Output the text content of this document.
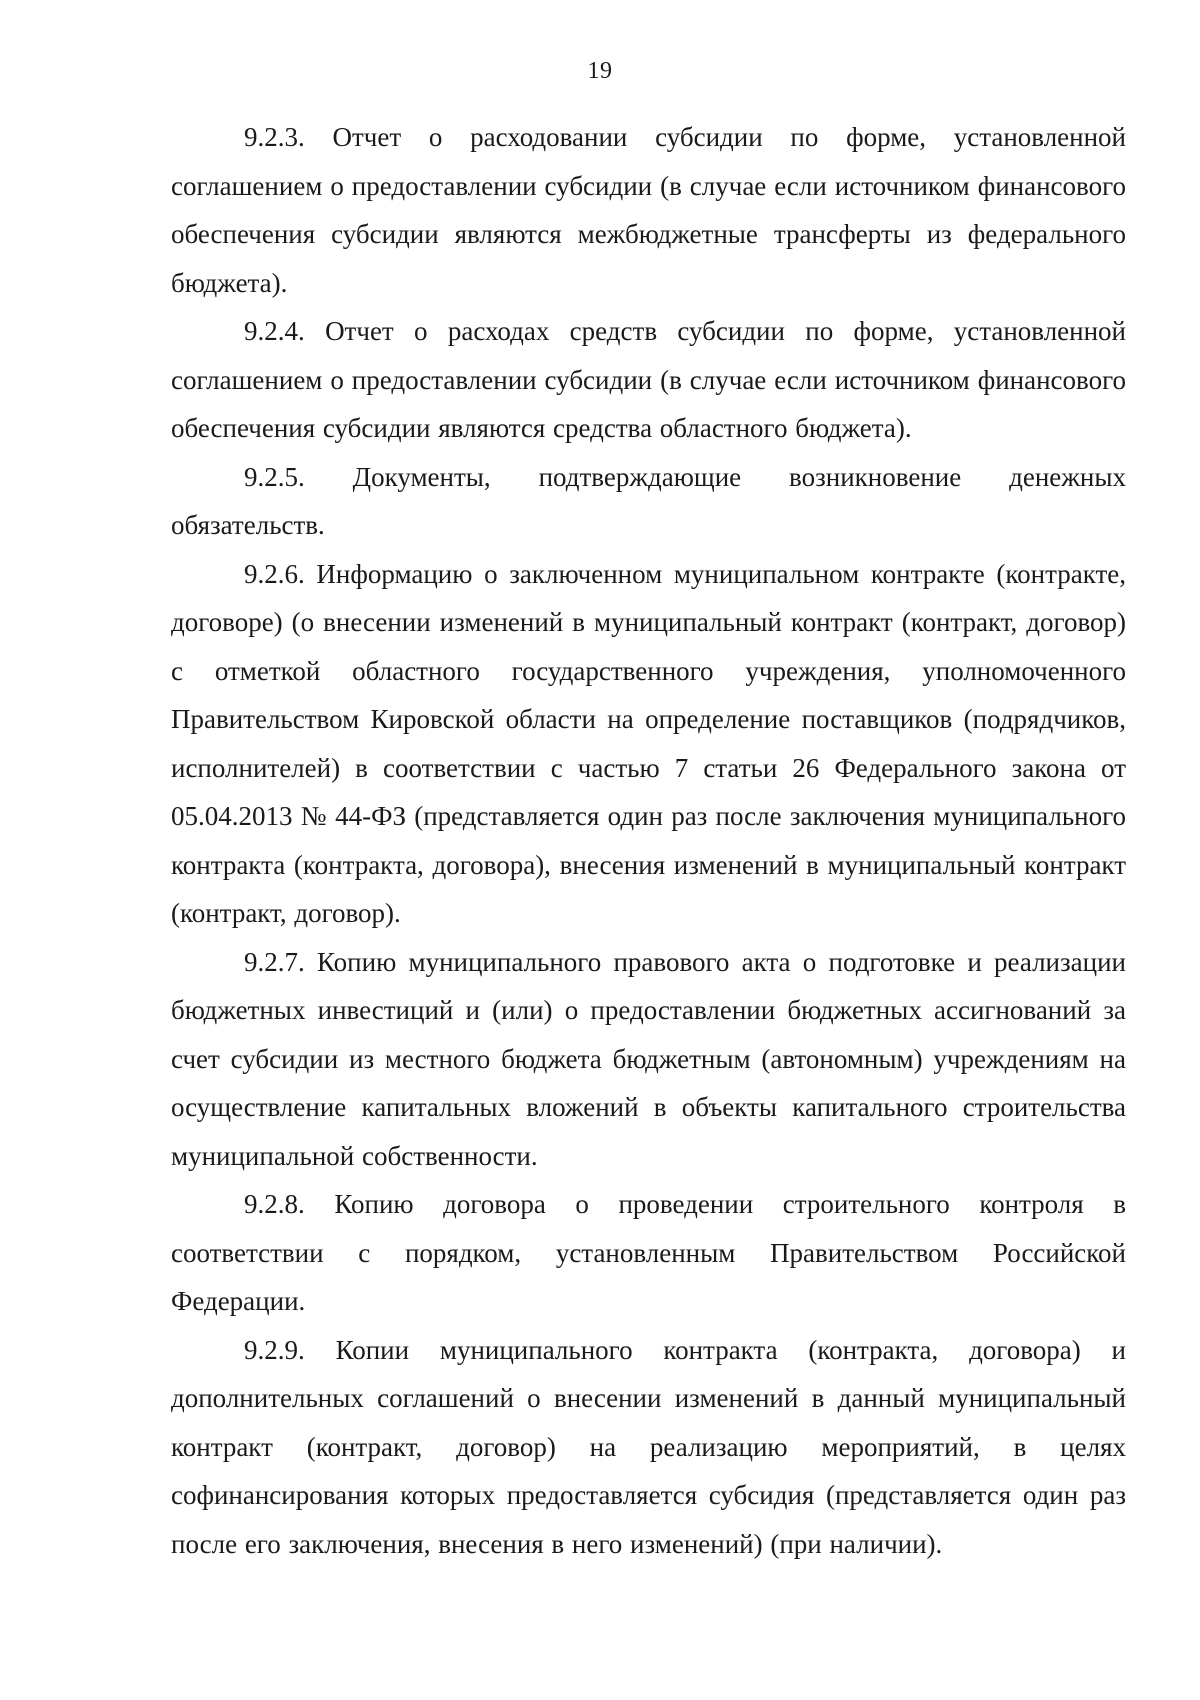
19

9.2.3. Отчет о расходовании субсидии по форме, установленной соглашением о предоставлении субсидии (в случае если источником финансового обеспечения субсидии являются межбюджетные трансферты из федерального бюджета).

9.2.4. Отчет о расходах средств субсидии по форме, установленной соглашением о предоставлении субсидии (в случае если источником финансового обеспечения субсидии являются средства областного бюджета).

9.2.5. Документы, подтверждающие возникновение денежных обязательств.

9.2.6. Информацию о заключенном муниципальном контракте (контракте, договоре) (о внесении изменений в муниципальный контракт (контракт, договор) с отметкой областного государственного учреждения, уполномоченного Правительством Кировской области на определение поставщиков (подрядчиков, исполнителей) в соответствии с частью 7 статьи 26 Федерального закона от 05.04.2013 № 44-ФЗ (представляется один раз после заключения муниципального контракта (контракта, договора), внесения изменений в муниципальный контракт (контракт, договор).

9.2.7. Копию муниципального правового акта о подготовке и реализации бюджетных инвестиций и (или) о предоставлении бюджетных ассигнований за счет субсидии из местного бюджета бюджетным (автономным) учреждениям на осуществление капитальных вложений в объекты капитального строительства муниципальной собственности.

9.2.8. Копию договора о проведении строительного контроля в соответствии с порядком, установленным Правительством Российской Федерации.

9.2.9. Копии муниципального контракта (контракта, договора) и дополнительных соглашений о внесении изменений в данный муниципальный контракт (контракт, договор) на реализацию мероприятий, в целях софинансирования которых предоставляется субсидия (представляется один раз после его заключения, внесения в него изменений) (при наличии).
